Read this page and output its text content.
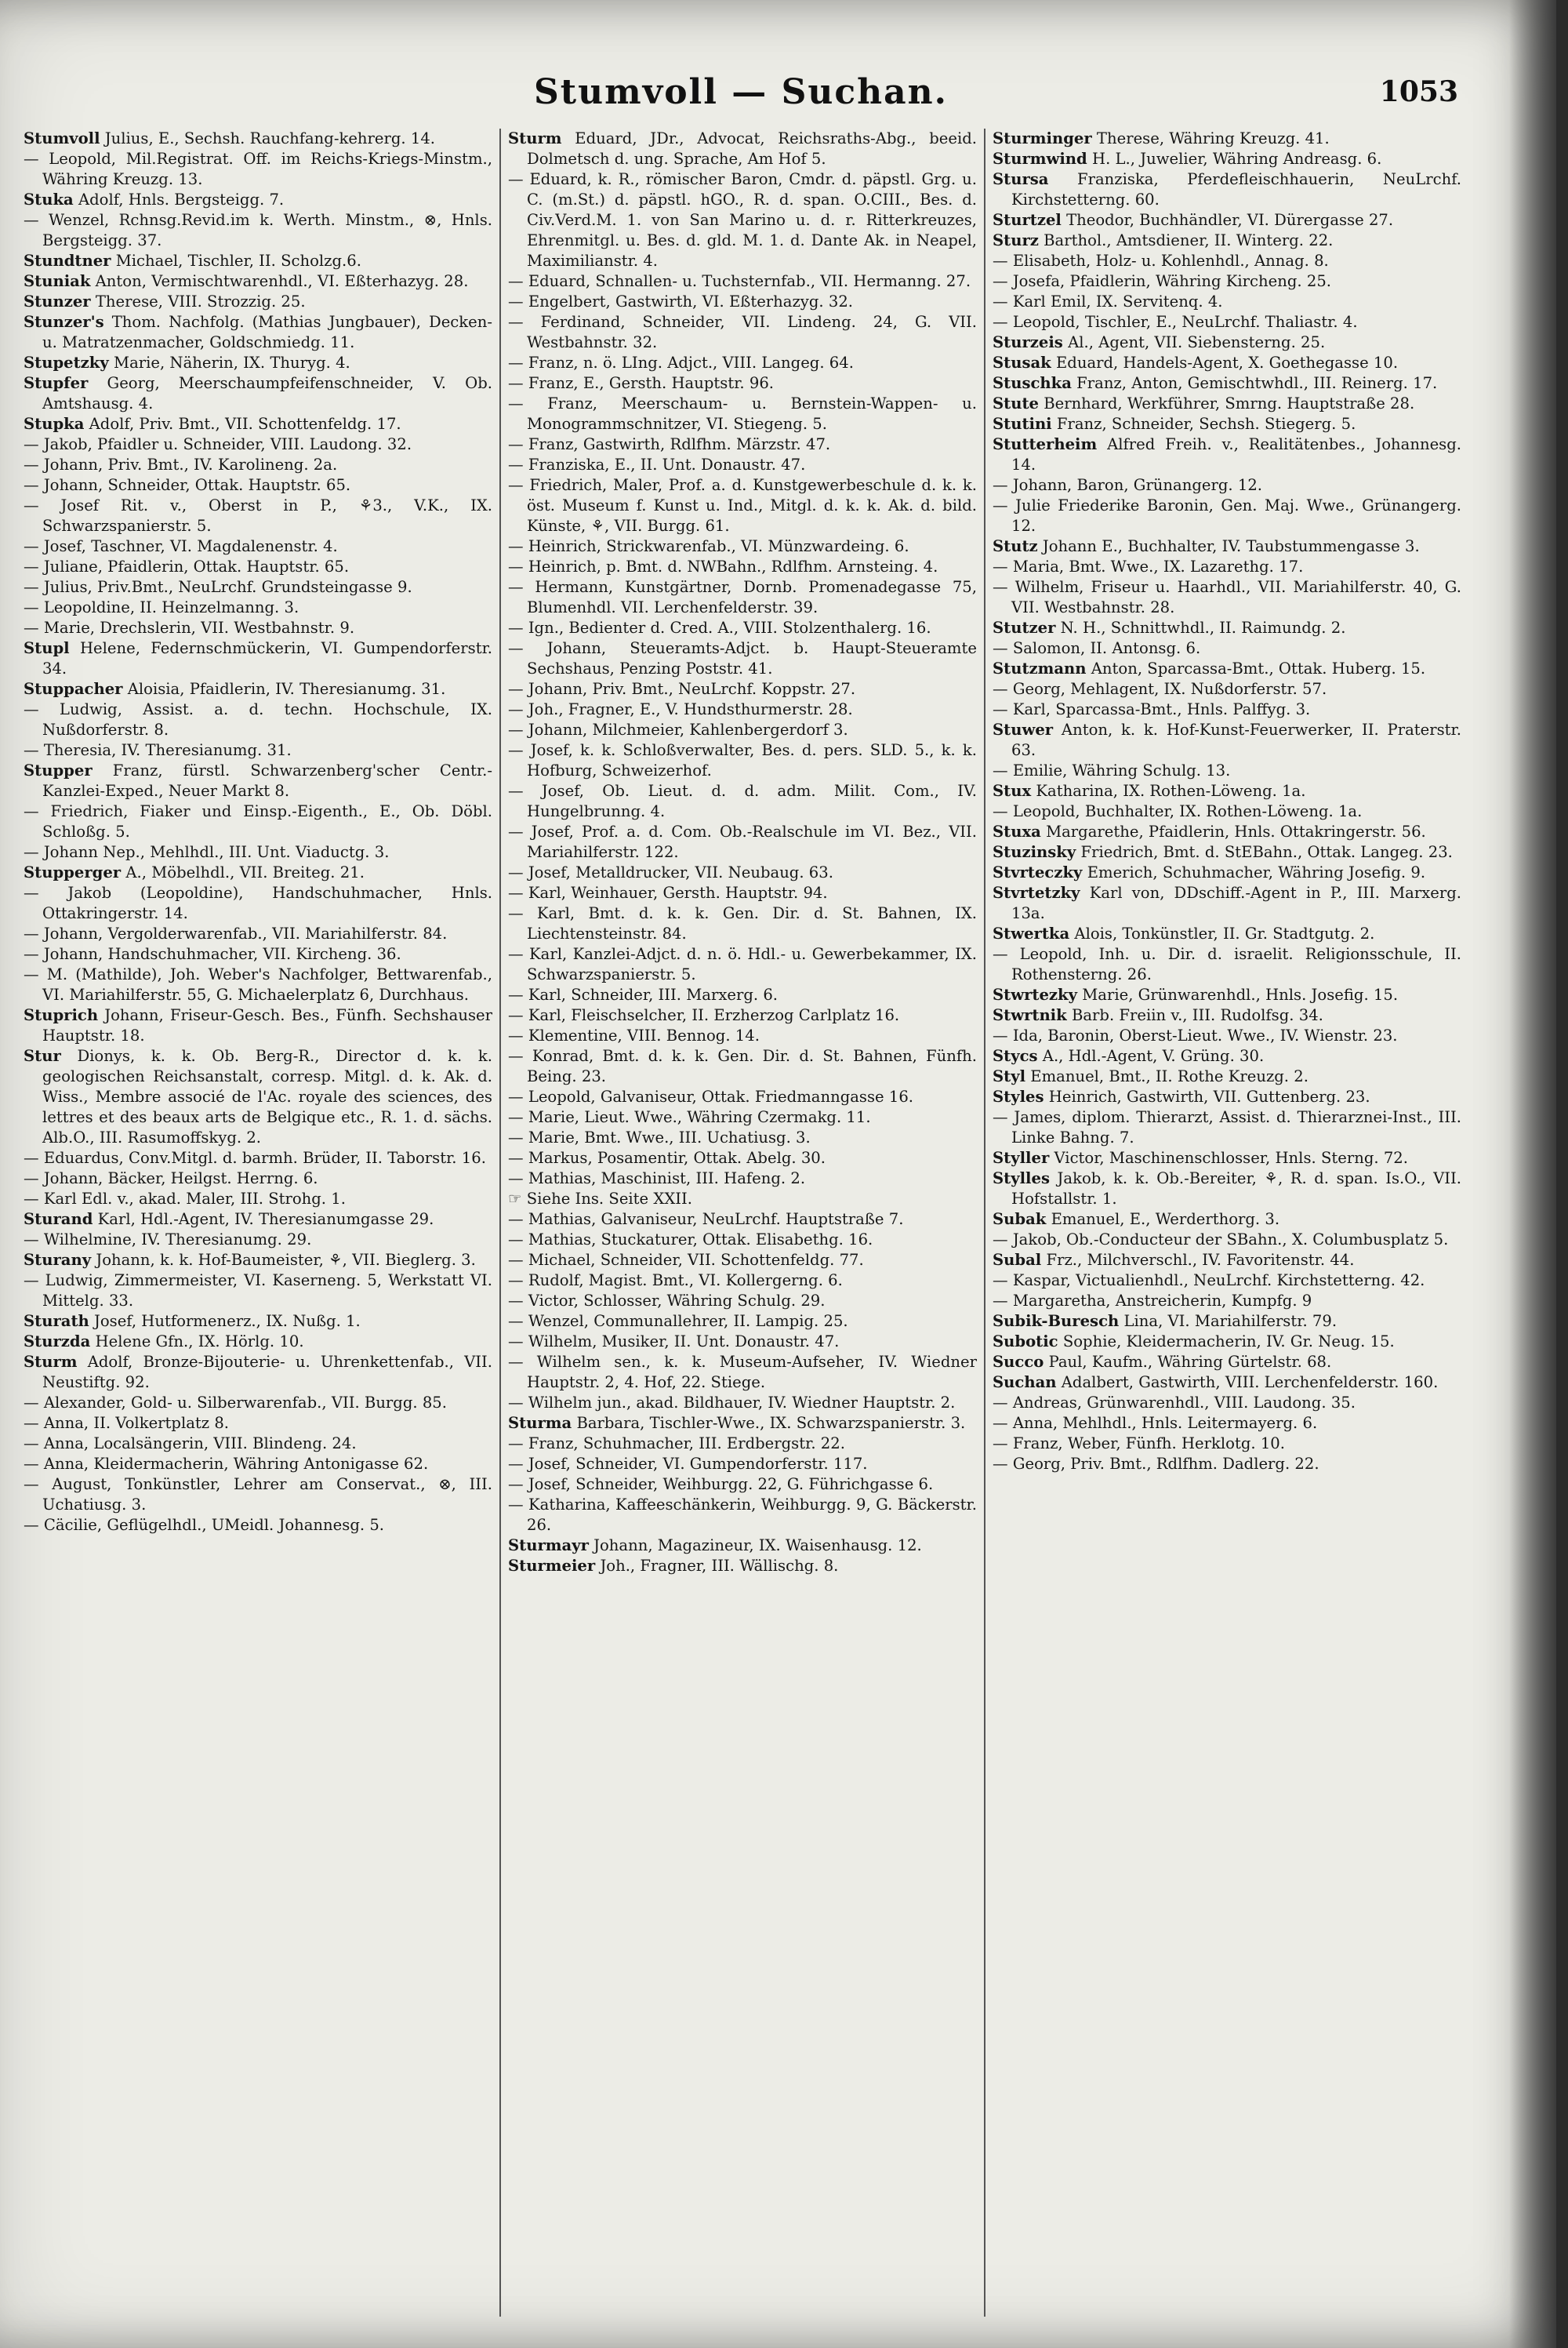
Stumvoll — Suchan.	1053

Stumvoll Julius, E., Sechsh. Rauchfang-kehrerg. 14.

— Leopold, Mil.Registrat. Off. im Reichs-Kriegs-Minstm., Währing Kreuzg. 13.

Stuka Adolf, Hnls. Bergsteigg. 7.

— Wenzel, Rchnsg.Revid.im k. Werth. Minstm., ⊗, Hnls. Bergsteigg. 37.

Stundtner Michael, Tischler, II. Scholzg.6.

Stuniak Anton, Vermischtwarenhdl., VI. Eßterhazyg. 28.

Stunzer Therese, VIII. Strozzig. 25.

Stunzer's Thom. Nachfolg. (Mathias Jungbauer), Decken- u. Matratzenmacher, Goldschmiedg. 11.

Stupetzky Marie, Näherin, IX. Thuryg. 4.

Stupfer Georg, Meerschaumpfeifenschneider, V. Ob. Amtshausg. 4.

Stupka Adolf, Priv. Bmt., VII. Schottenfeldg. 17.

— Jakob, Pfaidler u. Schneider, VIII. Laudong. 32.

— Johann, Priv. Bmt., IV. Karolineng. 2a.

— Johann, Schneider, Ottak. Hauptstr. 65.

— Josef Rit. v., Oberst in P., ⚘3., V.K., IX. Schwarzspanierstr. 5.

— Josef, Taschner, VI. Magdalenenstr. 4.

— Juliane, Pfaidlerin, Ottak. Hauptstr. 65.

— Julius, Priv.Bmt., NeuLrchf. Grundsteingasse 9.

— Leopoldine, II. Heinzelmanng. 3.

— Marie, Drechslerin, VII. Westbahnstr. 9.

Stupl Helene, Federnschmückerin, VI. Gumpendorferstr. 34.

Stuppacher Aloisia, Pfaidlerin, IV. Theresianumg. 31.

— Ludwig, Assist. a. d. techn. Hochschule, IX. Nußdorferstr. 8.

— Theresia, IV. Theresianumg. 31.

Stupper Franz, fürstl. Schwarzenberg'scher Centr.-Kanzlei-Exped., Neuer Markt 8.

— Friedrich, Fiaker und Einsp.-Eigenth., E., Ob. Döbl. Schloßg. 5.

— Johann Nep., Mehlhdl., III. Unt. Viaductg. 3.

Stupperger A., Möbelhdl., VII. Breiteg. 21.

— Jakob (Leopoldine), Handschuhmacher, Hnls. Ottakringerstr. 14.

— Johann, Vergolderwarenfab., VII. Mariahilferstr. 84.

— Johann, Handschuhmacher, VII. Kircheng. 36.

— M. (Mathilde), Joh. Weber's Nachfolger, Bettwarenfab., VI. Mariahilferstr. 55, G. Michaelerplatz 6, Durchhaus.

Stuprich Johann, Friseur-Gesch. Bes., Fünfh. Sechshauser Hauptstr. 18.

Stur Dionys, k. k. Ob. Berg-R., Director d. k. k. geologischen Reichsanstalt, corresp. Mitgl. d. k. Ak. d. Wiss., Membre associé de l'Ac. royale des sciences, des lettres et des beaux arts de Belgique etc., R. 1. d. sächs. Alb.O., III. Rasumoffskyg. 2.

— Eduardus, Conv.Mitgl. d. barmh. Brüder, II. Taborstr. 16.

— Johann, Bäcker, Heilgst. Herrng. 6.

— Karl Edl. v., akad. Maler, III. Strohg. 1.

Sturand Karl, Hdl.-Agent, IV. Theresianumgasse 29.

— Wilhelmine, IV. Theresianumg. 29.

Sturany Johann, k. k. Hof-Baumeister, ⚘, VII. Bieglerg. 3.

— Ludwig, Zimmermeister, VI. Kaserneng. 5, Werkstatt VI. Mittelg. 33.

Sturath Josef, Hutformenerz., IX. Nußg. 1.

Sturzda Helene Gfn., IX. Hörlg. 10.

Sturm Adolf, Bronze-Bijouterie- u. Uhrenkettenfab., VII. Neustiftg. 92.

— Alexander, Gold- u. Silberwarenfab., VII. Burgg. 85.

— Anna, II. Volkertplatz 8.

— Anna, Localsängerin, VIII. Blindeng. 24.

— Anna, Kleidermacherin, Währing Antonigasse 62.

— August, Tonkünstler, Lehrer am Conservat., ⊗, III. Uchatiusg. 3.

— Cäcilie, Geflügelhdl., UMeidl. Johannesg. 5.

Sturm Eduard, JDr., Advocat, Reichsraths-Abg., beeid. Dolmetsch d. ung. Sprache, Am Hof 5.

— Eduard, k. R., römischer Baron, Cmdr. d. päpstl. Grg. u. C. (m.St.) d. päpstl. hGO., R. d. span. O.CIII., Bes. d. Civ.Verd.M. 1. von San Marino u. d. r. Ritterkreuzes, Ehrenmitgl. u. Bes. d. gld. M. 1. d. Dante Ak. in Neapel, Maximilianstr. 4.

— Eduard, Schnallen- u. Tuchsternfab., VII. Hermanng. 27.

— Engelbert, Gastwirth, VI. Eßterhazyg. 32.

— Ferdinand, Schneider, VII. Lindeng. 24, G. VII. Westbahnstr. 32.

— Franz, n. ö. LIng. Adjct., VIII. Langeg. 64.

— Franz, E., Gersth. Hauptstr. 96.

— Franz, Meerschaum- u. Bernstein-Wappen- u. Monogrammschnitzer, VI. Stiegeng. 5.

— Franz, Gastwirth, Rdlfhm. Märzstr. 47.

— Franziska, E., II. Unt. Donaustr. 47.

— Friedrich, Maler, Prof. a. d. Kunstgewerbeschule d. k. k. öst. Museum f. Kunst u. Ind., Mitgl. d. k. k. Ak. d. bild. Künste, ⚘, VII. Burgg. 61.

— Heinrich, Strickwarenfab., VI. Münzwardeing. 6.

— Heinrich, p. Bmt. d. NWBahn., Rdlfhm. Arnsteing. 4.

— Hermann, Kunstgärtner, Dornb. Promenadegasse 75, Blumenhdl. VII. Lerchenfelderstr. 39.

— Ign., Bedienter d. Cred. A., VIII. Stolzenthalerg. 16.

— Johann, Steueramts-Adjct. b. Haupt-Steueramte Sechshaus, Penzing Poststr. 41.

— Johann, Priv. Bmt., NeuLrchf. Koppstr. 27.

— Joh., Fragner, E., V. Hundsthurmerstr. 28.

— Johann, Milchmeier, Kahlenbergerdorf 3.

— Josef, k. k. Schloßverwalter, Bes. d. pers. SLD. 5., k. k. Hofburg, Schweizerhof.

— Josef, Ob. Lieut. d. d. adm. Milit. Com., IV. Hungelbrunng. 4.

— Josef, Prof. a. d. Com. Ob.-Realschule im VI. Bez., VII. Mariahilferstr. 122.

— Josef, Metalldrucker, VII. Neubaug. 63.

— Karl, Weinhauer, Gersth. Hauptstr. 94.

— Karl, Bmt. d. k. k. Gen. Dir. d. St. Bahnen, IX. Liechtensteinstr. 84.

— Karl, Kanzlei-Adjct. d. n. ö. Hdl.- u. Gewerbekammer, IX. Schwarzspanierstr. 5.

— Karl, Schneider, III. Marxerg. 6.

— Karl, Fleischselcher, II. Erzherzog Carlplatz 16.

— Klementine, VIII. Bennog. 14.

— Konrad, Bmt. d. k. k. Gen. Dir. d. St. Bahnen, Fünfh. Being. 23.

— Leopold, Galvaniseur, Ottak. Friedmanngasse 16.

— Marie, Lieut. Wwe., Währing Czermakg. 11.

— Marie, Bmt. Wwe., III. Uchatiusg. 3.

— Markus, Posamentir, Ottak. Abelg. 30.

— Mathias, Maschinist, III. Hafeng. 2.

☞ Siehe Ins. Seite XXII.

— Mathias, Galvaniseur, NeuLrchf. Hauptstraße 7.

— Mathias, Stuckaturer, Ottak. Elisabethg. 16.

— Michael, Schneider, VII. Schottenfeldg. 77.

— Rudolf, Magist. Bmt., VI. Kollergerng. 6.

— Victor, Schlosser, Währing Schulg. 29.

— Wenzel, Communallehrer, II. Lampig. 25.

— Wilhelm, Musiker, II. Unt. Donaustr. 47.

— Wilhelm sen., k. k. Museum-Aufseher, IV. Wiedner Hauptstr. 2, 4. Hof, 22. Stiege.

— Wilhelm jun., akad. Bildhauer, IV. Wiedner Hauptstr. 2.

Sturma Barbara, Tischler-Wwe., IX. Schwarzspanierstr. 3.

— Franz, Schuhmacher, III. Erdbergstr. 22.

— Josef, Schneider, VI. Gumpendorferstr. 117.

— Josef, Schneider, Weihburgg. 22, G. Führichgasse 6.

— Katharina, Kaffeeschänkerin, Weihburgg. 9, G. Bäckerstr. 26.

Sturmayr Johann, Magazineur, IX. Waisenhausg. 12.

Sturmeier Joh., Fragner, III. Wällischg. 8.

Sturminger Therese, Währing Kreuzg. 41.

Sturmwind H. L., Juwelier, Währing Andreasg. 6.

Stursa Franziska, Pferdefleischhauerin, NeuLrchf. Kirchstetterng. 60.

Sturtzel Theodor, Buchhändler, VI. Dürergasse 27.

Sturz Barthol., Amtsdiener, II. Winterg. 22.

— Elisabeth, Holz- u. Kohlenhdl., Annag. 8.

— Josefa, Pfaidlerin, Währing Kircheng. 25.

— Karl Emil, IX. Servitenq. 4.

— Leopold, Tischler, E., NeuLrchf. Thaliastr. 4.

Sturzeis Al., Agent, VII. Siebensterng. 25.

Stusak Eduard, Handels-Agent, X. Goethegasse 10.

Stuschka Franz, Anton, Gemischtwhdl., III. Reinerg. 17.

Stute Bernhard, Werkführer, Smrng. Hauptstraße 28.

Stutini Franz, Schneider, Sechsh. Stiegerg. 5.

Stutterheim Alfred Freih. v., Realitätenbes., Johannesg. 14.

— Johann, Baron, Grünangerg. 12.

— Julie Friederike Baronin, Gen. Maj. Wwe., Grünangerg. 12.

Stutz Johann E., Buchhalter, IV. Taubstummengasse 3.

— Maria, Bmt. Wwe., IX. Lazarethg. 17.

— Wilhelm, Friseur u. Haarhdl., VII. Mariahilferstr. 40, G. VII. Westbahnstr. 28.

Stutzer N. H., Schnittwhdl., II. Raimundg. 2.

— Salomon, II. Antonsg. 6.

Stutzmann Anton, Sparcassa-Bmt., Ottak. Huberg. 15.

— Georg, Mehlagent, IX. Nußdorferstr. 57.

— Karl, Sparcassa-Bmt., Hnls. Palffyg. 3.

Stuwer Anton, k. k. Hof-Kunst-Feuerwerker, II. Praterstr. 63.

— Emilie, Währing Schulg. 13.

Stux Katharina, IX. Rothen-Löweng. 1a.

— Leopold, Buchhalter, IX. Rothen-Löweng. 1a.

Stuxa Margarethe, Pfaidlerin, Hnls. Ottakringerstr. 56.

Stuzinsky Friedrich, Bmt. d. StEBahn., Ottak. Langeg. 23.

Stvrteczky Emerich, Schuhmacher, Währing Josefig. 9.

Stvrtetzky Karl von, DDschiff.-Agent in P., III. Marxerg. 13a.

Stwertka Alois, Tonkünstler, II. Gr. Stadtgutg. 2.

— Leopold, Inh. u. Dir. d. israelit. Religionsschule, II. Rothensterng. 26.

Stwrtezky Marie, Grünwarenhdl., Hnls. Josefig. 15.

Stwrtnik Barb. Freiin v., III. Rudolfsg. 34.

— Ida, Baronin, Oberst-Lieut. Wwe., IV. Wienstr. 23.

Stycs A., Hdl.-Agent, V. Grüng. 30.

Styl Emanuel, Bmt., II. Rothe Kreuzg. 2.

Styles Heinrich, Gastwirth, VII. Guttenberg. 23.

— James, diplom. Thierarzt, Assist. d. Thierarznei-Inst., III. Linke Bahng. 7.

Styller Victor, Maschinenschlosser, Hnls. Sterng. 72.

Stylles Jakob, k. k. Ob.-Bereiter, ⚘, R. d. span. Is.O., VII. Hofstallstr. 1.

Subak Emanuel, E., Werderthorg. 3.

— Jakob, Ob.-Conducteur der SBahn., X. Columbusplatz 5.

Subal Frz., Milchverschl., IV. Favoritenstr. 44.

— Kaspar, Victualienhdl., NeuLrchf. Kirchstetterng. 42.

— Margaretha, Anstreicherin, Kumpfg. 9

Subik-Buresch Lina, VI. Mariahilferstr. 79.

Subotic Sophie, Kleidermacherin, IV. Gr. Neug. 15.

Succo Paul, Kaufm., Währing Gürtelstr. 68.

Suchan Adalbert, Gastwirth, VIII. Lerchenfelderstr. 160.

— Andreas, Grünwarenhdl., VIII. Laudong. 35.

— Anna, Mehlhdl., Hnls. Leitermayerg. 6.

— Franz, Weber, Fünfh. Herklotg. 10.

— Georg, Priv. Bmt., Rdlfhm. Dadlerg. 22.
